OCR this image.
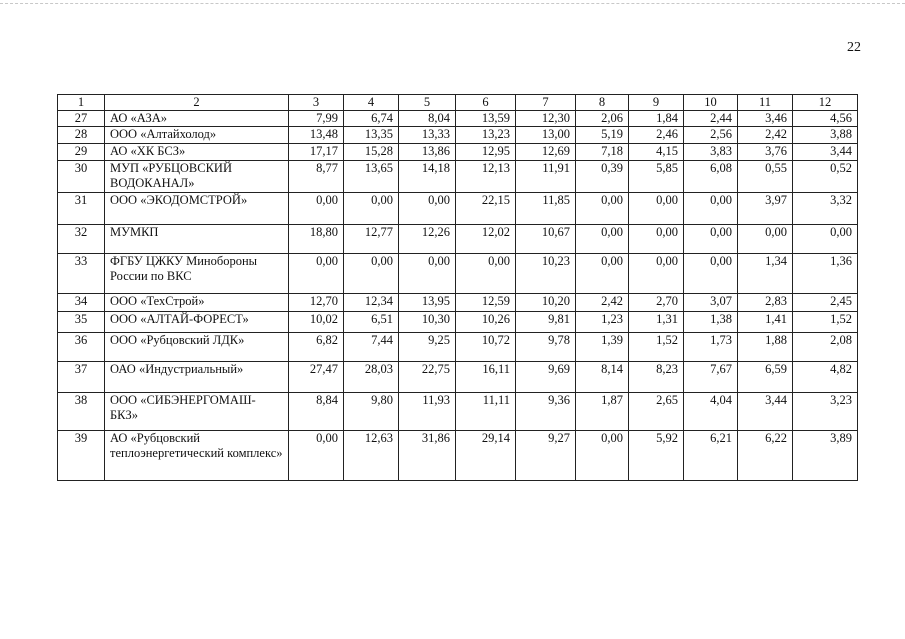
22
1	2	3	4	5	6	7	8	9	10	11	12
27	АО «АЗА»	7,99	6,74	8,04	13,59	12,30	2,06	1,84	2,44	3,46	4,56
28	ООО «Алтайхолод»	13,48	13,35	13,33	13,23	13,00	5,19	2,46	2,56	2,42	3,88
29	АО «ХК БСЗ»	17,17	15,28	13,86	12,95	12,69	7,18	4,15	3,83	3,76	3,44
30	МУП «РУБЦОВСКИЙ ВОДОКАНАЛ»	8,77	13,65	14,18	12,13	11,91	0,39	5,85	6,08	0,55	0,52
31	ООО «ЭКОДОМСТРОЙ»	0,00	0,00	0,00	22,15	11,85	0,00	0,00	0,00	3,97	3,32
32	МУМКП	18,80	12,77	12,26	12,02	10,67	0,00	0,00	0,00	0,00	0,00
33	ФГБУ ЦЖКУ Минобороны России по ВКС	0,00	0,00	0,00	0,00	10,23	0,00	0,00	0,00	1,34	1,36
34	ООО «ТехСтрой»	12,70	12,34	13,95	12,59	10,20	2,42	2,70	3,07	2,83	2,45
35	ООО «АЛТАЙ-ФОРЕСТ»	10,02	6,51	10,30	10,26	9,81	1,23	1,31	1,38	1,41	1,52
36	ООО «Рубцовский ЛДК»	6,82	7,44	9,25	10,72	9,78	1,39	1,52	1,73	1,88	2,08
37	ОАО «Индустриальный»	27,47	28,03	22,75	16,11	9,69	8,14	8,23	7,67	6,59	4,82
38	ООО «СИБЭНЕРГОМАШ-БКЗ»	8,84	9,80	11,93	11,11	9,36	1,87	2,65	4,04	3,44	3,23
39	АО «Рубцовский теплоэнергетический комплекс»	0,00	12,63	31,86	29,14	9,27	0,00	5,92	6,21	6,22	3,89
